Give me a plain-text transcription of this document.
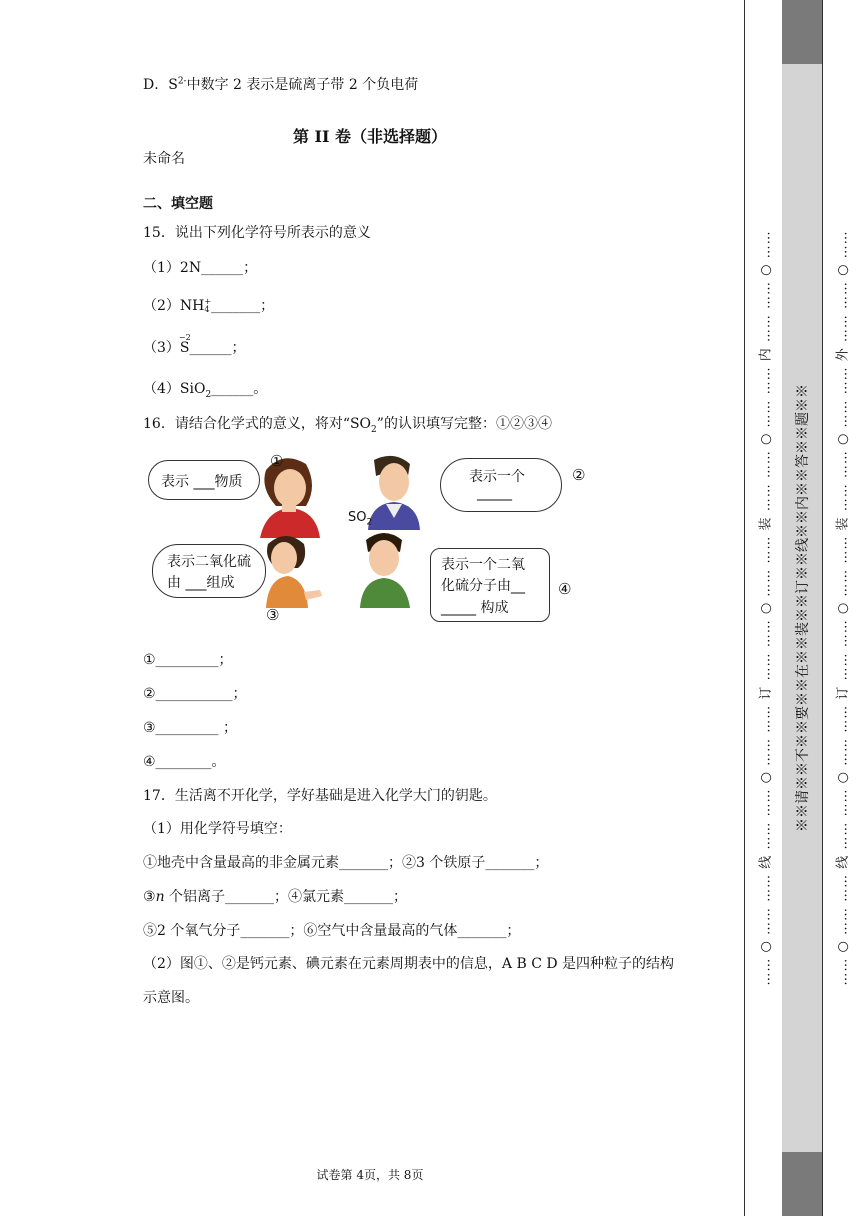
D．$S^{2-}$中数字 2 表示是硫离子带 2 个负电荷
第 II 卷（非选择题）
未命名
二、填空题
15．说出下列化学符号所表示的意义
（1）2N______；
（2）NH+
4 _______；
（3）
−2
S______；
（4）SiO$_2$______。
16．请结合化学式的意义，将对“$SO_2$”的认识填写完整：①②③④
表示 ___物质	表示一个
_____
表示二氧化硫
由 ___组成
表示一个二氧
化硫分子由__
_____ 构成
①
②
③
④
$SO_2$
①_________；
②___________；
③_________ ；
④________。
17．生活离不开化学，学好基础是进入化学大门的钥匙。
（1）用化学符号填空：
①地壳中含量最高的非金属元素_______；②3 个铁原子_______；
③n 个铝离子_______；④氯元素_______；
⑤2 个氧气分子_______；⑥空气中含量最高的气体_______；
（2）图①、②是钙元素、碘元素在元素周期表中的信息，A B C D 是四种粒子的结构
示意图。
试卷第 4页，共 8页
…… ○ …… …… 线 …… …… ○ …… …… 订 …… …… ○ …… …… 装 …… …… ○ …… …… 内 …… …… ○ …… ※※请※※不※※要※※在※※装※※订※※线※※内※※答※※题※※	…… ○ …… …… 线 …… …… ○ …… …… 订 …… …… ○ …… …… 装 …… …… ○ …… …… 外 …… …… ○ ……
